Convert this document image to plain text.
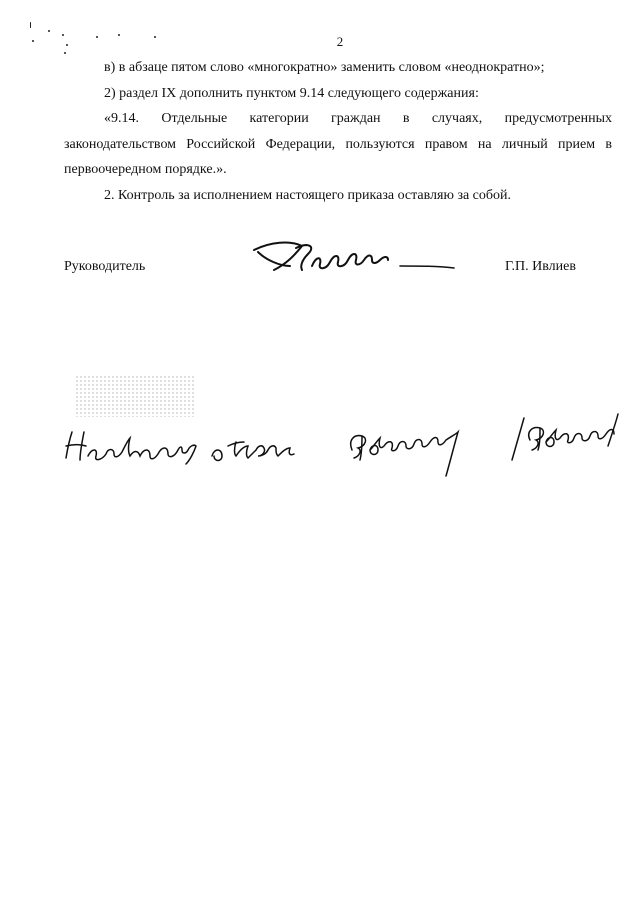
2
в) в абзаце пятом слово «многократно» заменить словом «неоднократно»;
2) раздел IX дополнить пунктом 9.14 следующего содержания:
«9.14. Отдельные категории граждан в случаях, предусмотренных
законодательством Российской Федерации, пользуются правом на личный прием в
первоочередном порядке.».
2. Контроль за исполнением настоящего приказа оставляю за собой.
Руководитель	Г.П. Ивлиев
